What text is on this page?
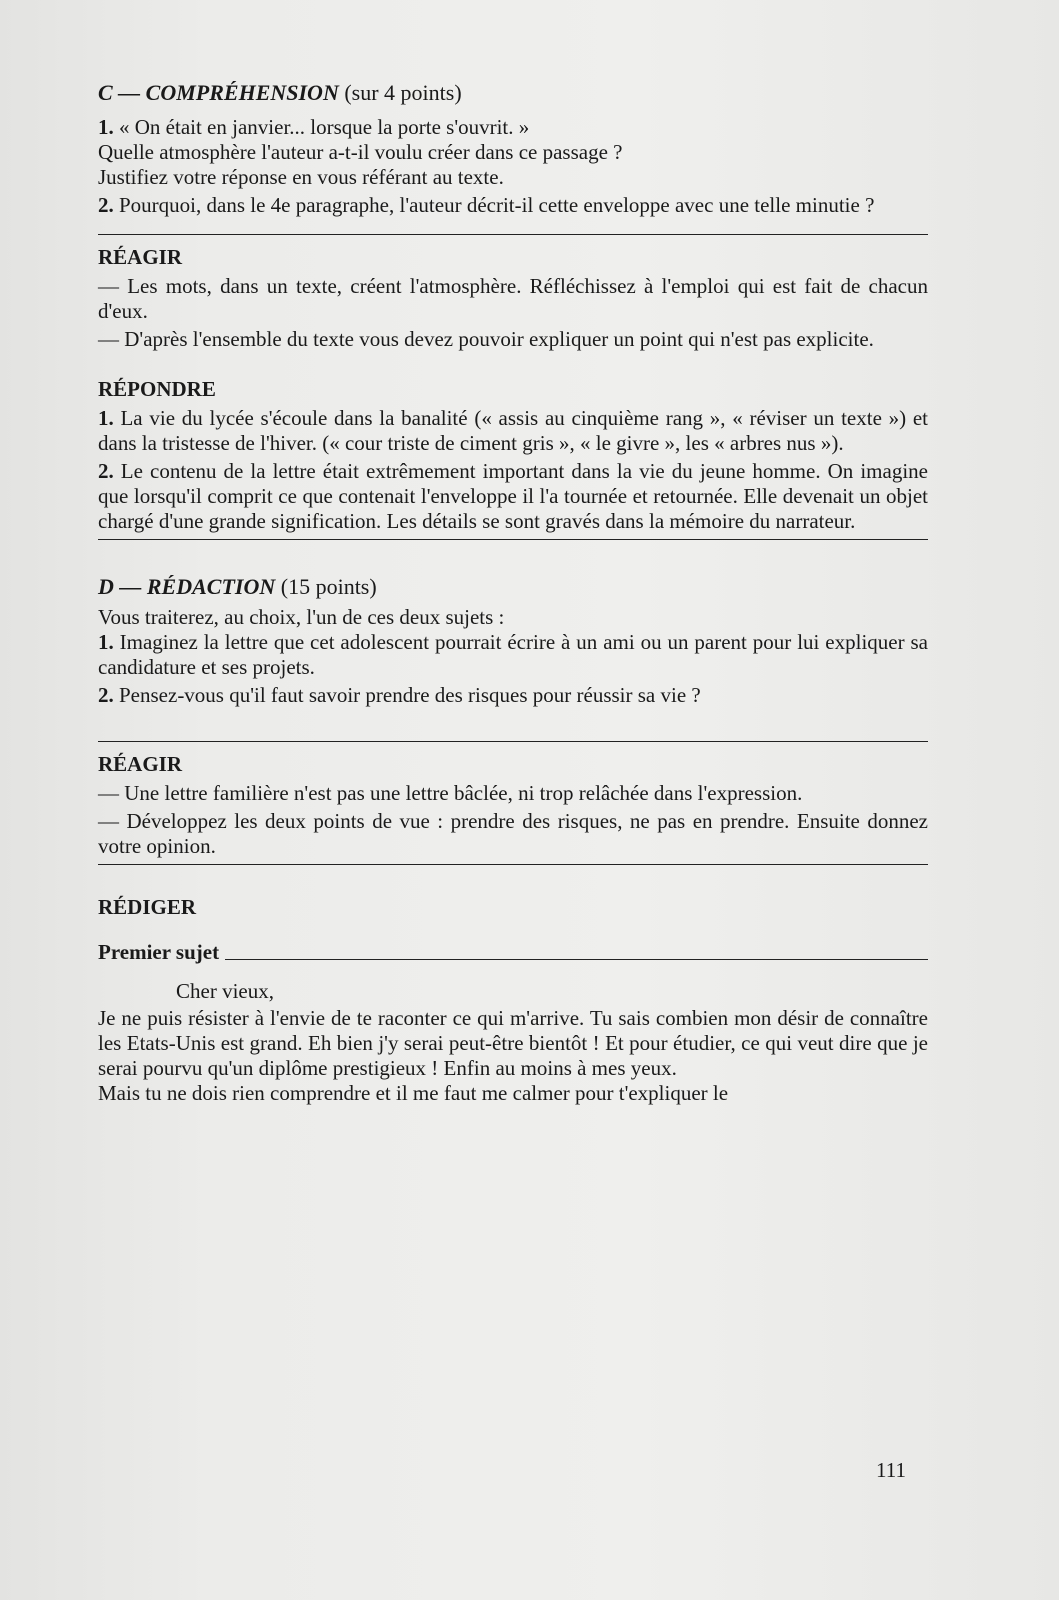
C — COMPRÉHENSION (sur 4 points)

1. « On était en janvier... lorsque la porte s'ouvrit. »

Quelle atmosphère l'auteur a-t-il voulu créer dans ce passage ?

Justifiez votre réponse en vous référant au texte.

2. Pourquoi, dans le 4e paragraphe, l'auteur décrit-il cette enveloppe avec une telle minutie ?

RÉAGIR

— Les mots, dans un texte, créent l'atmosphère. Réfléchissez à l'emploi qui est fait de chacun d'eux.

— D'après l'ensemble du texte vous devez pouvoir expliquer un point qui n'est pas explicite.

RÉPONDRE

1. La vie du lycée s'écoule dans la banalité (« assis au cinquième rang », « réviser un texte ») et dans la tristesse de l'hiver. (« cour triste de ciment gris », « le givre », les « arbres nus »).

2. Le contenu de la lettre était extrêmement important dans la vie du jeune homme. On imagine que lorsqu'il comprit ce que contenait l'enveloppe il l'a tournée et retournée. Elle devenait un objet chargé d'une grande signification. Les détails se sont gravés dans la mémoire du narrateur.

D — RÉDACTION (15 points)

Vous traiterez, au choix, l'un de ces deux sujets :

1. Imaginez la lettre que cet adolescent pourrait écrire à un ami ou un parent pour lui expliquer sa candidature et ses projets.

2. Pensez-vous qu'il faut savoir prendre des risques pour réussir sa vie ?

RÉAGIR

— Une lettre familière n'est pas une lettre bâclée, ni trop relâchée dans l'expression.

— Développez les deux points de vue : prendre des risques, ne pas en prendre. Ensuite donnez votre opinion.

RÉDIGER
Premier sujet

Cher vieux,

Je ne puis résister à l'envie de te raconter ce qui m'arrive. Tu sais combien mon désir de connaître les Etats-Unis est grand. Eh bien j'y serai peut-être bientôt ! Et pour étudier, ce qui veut dire que je serai pourvu qu'un diplôme prestigieux ! Enfin au moins à mes yeux.

Mais tu ne dois rien comprendre et il me faut me calmer pour t'expliquer le

111
